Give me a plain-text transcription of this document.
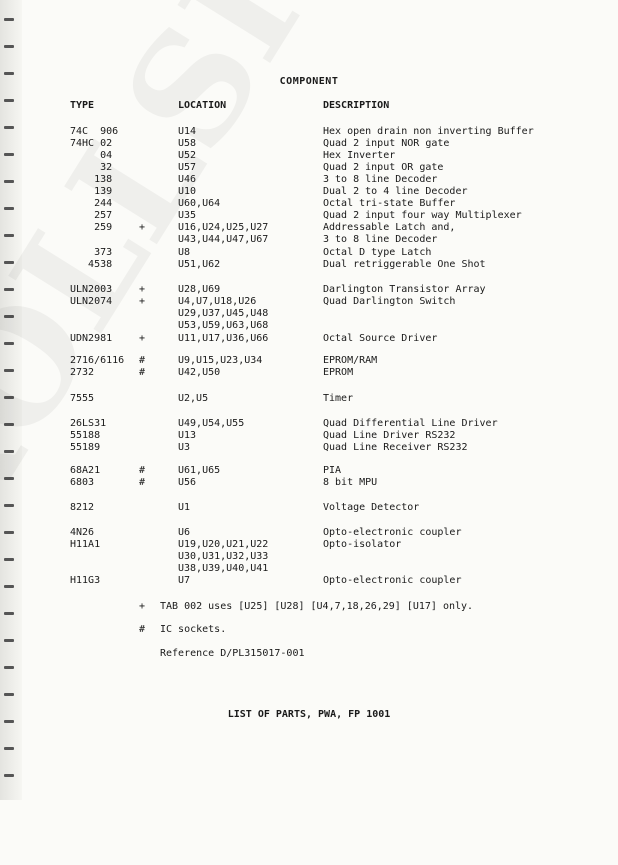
COMPONENT
TYPE	LOCATION	DESCRIPTION
74C  906	U14	Hex open drain non inverting Buffer
74HC 02	U58	Quad 2 input NOR gate
04	U52	Hex Inverter
32	U57	Quad 2 input OR gate
138	U46	3 to 8 line Decoder
139	U10	Dual 2 to 4 line Decoder
244	U60,U64	Octal tri-state Buffer
257	U35	Quad 2 input four way Multiplexer
259	+	U16,U24,U25,U27	Addressable Latch and,
U43,U44,U47,U67	3 to 8 line Decoder
373	U8	Octal D type Latch
4538	U51,U62	Dual retriggerable One Shot
ULN2003	+	U28,U69	Darlington Transistor Array
ULN2074	+	U4,U7,U18,U26	Quad Darlington Switch
U29,U37,U45,U48
U53,U59,U63,U68
UDN2981	+	U11,U17,U36,U66	Octal Source Driver
2716/6116 #	U9,U15,U23,U34	EPROM/RAM
2732	#	U42,U50	EPROM
7555	U2,U5	Timer
26LS31	U49,U54,U55	Quad Differential Line Driver
55188	U13	Quad Line Driver RS232
55189	U3	Quad Line Receiver RS232
68A21	#	U61,U65	PIA
6803	#	U56	8 bit MPU
8212	U1	Voltage Detector
4N26	U6	Opto-electronic coupler
H11A1	U19,U20,U21,U22	Opto-isolator
U30,U31,U32,U33
U38,U39,U40,U41
H11G3	U7	Opto-electronic coupler
+ TAB 002 uses [U25] [U28] [U4,7,18,26,29] [U17] only.
# IC sockets.
Reference D/PL315017-001
LIST OF PARTS, PWA, FP 1001
